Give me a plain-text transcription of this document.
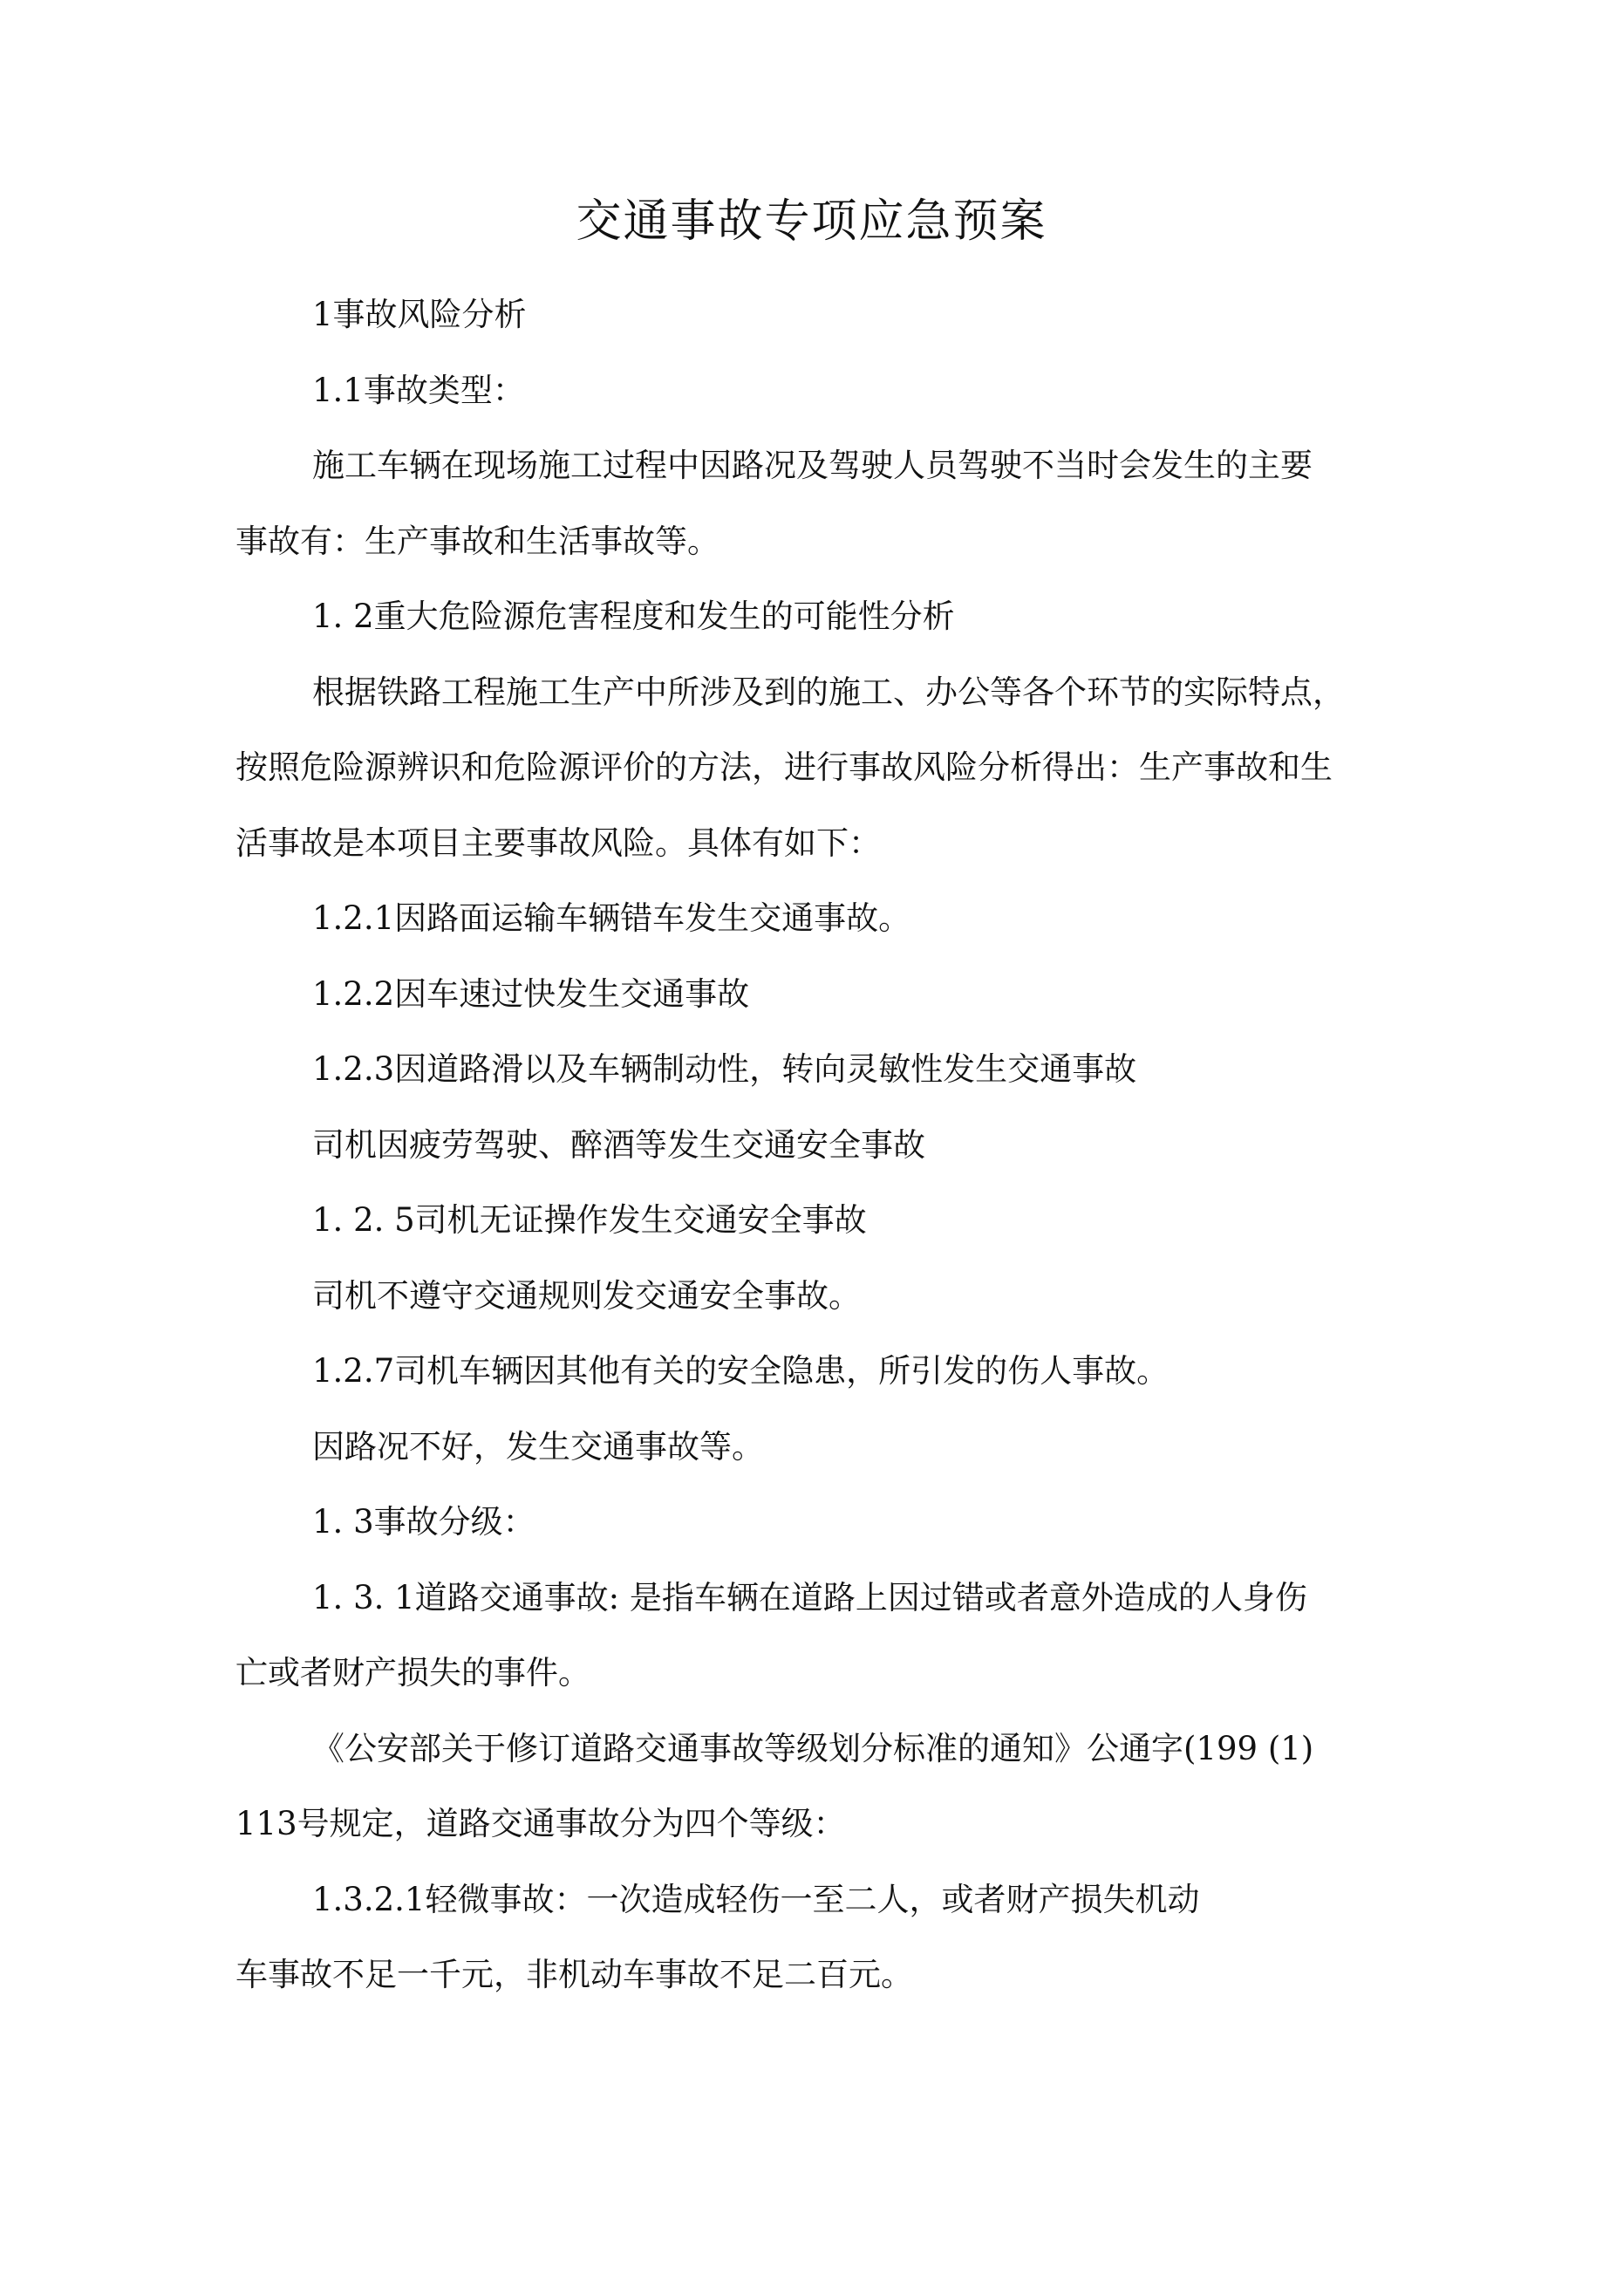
交通事故专项应急预案

1事故风险分析

1.1事故类型：

施工车辆在现场施工过程中因路况及驾驶人员驾驶不当时会发生的主要
事故有：生产事故和生活事故等。

1. 2重大危险源危害程度和发生的可能性分析

根据铁路工程施工生产中所涉及到的施工、办公等各个环节的实际特点，
按照危险源辨识和危险源评价的方法，进行事故风险分析得出：生产事故和生
活事故是本项目主要事故风险。具体有如下：

1.2.1因路面运输车辆错车发生交通事故。

1.2.2因车速过快发生交通事故

1.2.3因道路滑以及车辆制动性，转向灵敏性发生交通事故

司机因疲劳驾驶、醉酒等发生交通安全事故

1. 2. 5司机无证操作发生交通安全事故

司机不遵守交通规则发交通安全事故。

1.2.7司机车辆因其他有关的安全隐患，所引发的伤人事故。

因路况不好，发生交通事故等。

1. 3事故分级：

1. 3. 1道路交通事故: 是指车辆在道路上因过错或者意外造成的人身伤
亡或者财产损失的事件。

《公安部关于修订道路交通事故等级划分标准的通知》公通字(199 (1)
113号规定，道路交通事故分为四个等级：

1.3.2.1轻微事故：一次造成轻伤一至二人，或者财产损失机动
车事故不足一千元，非机动车事故不足二百元。
